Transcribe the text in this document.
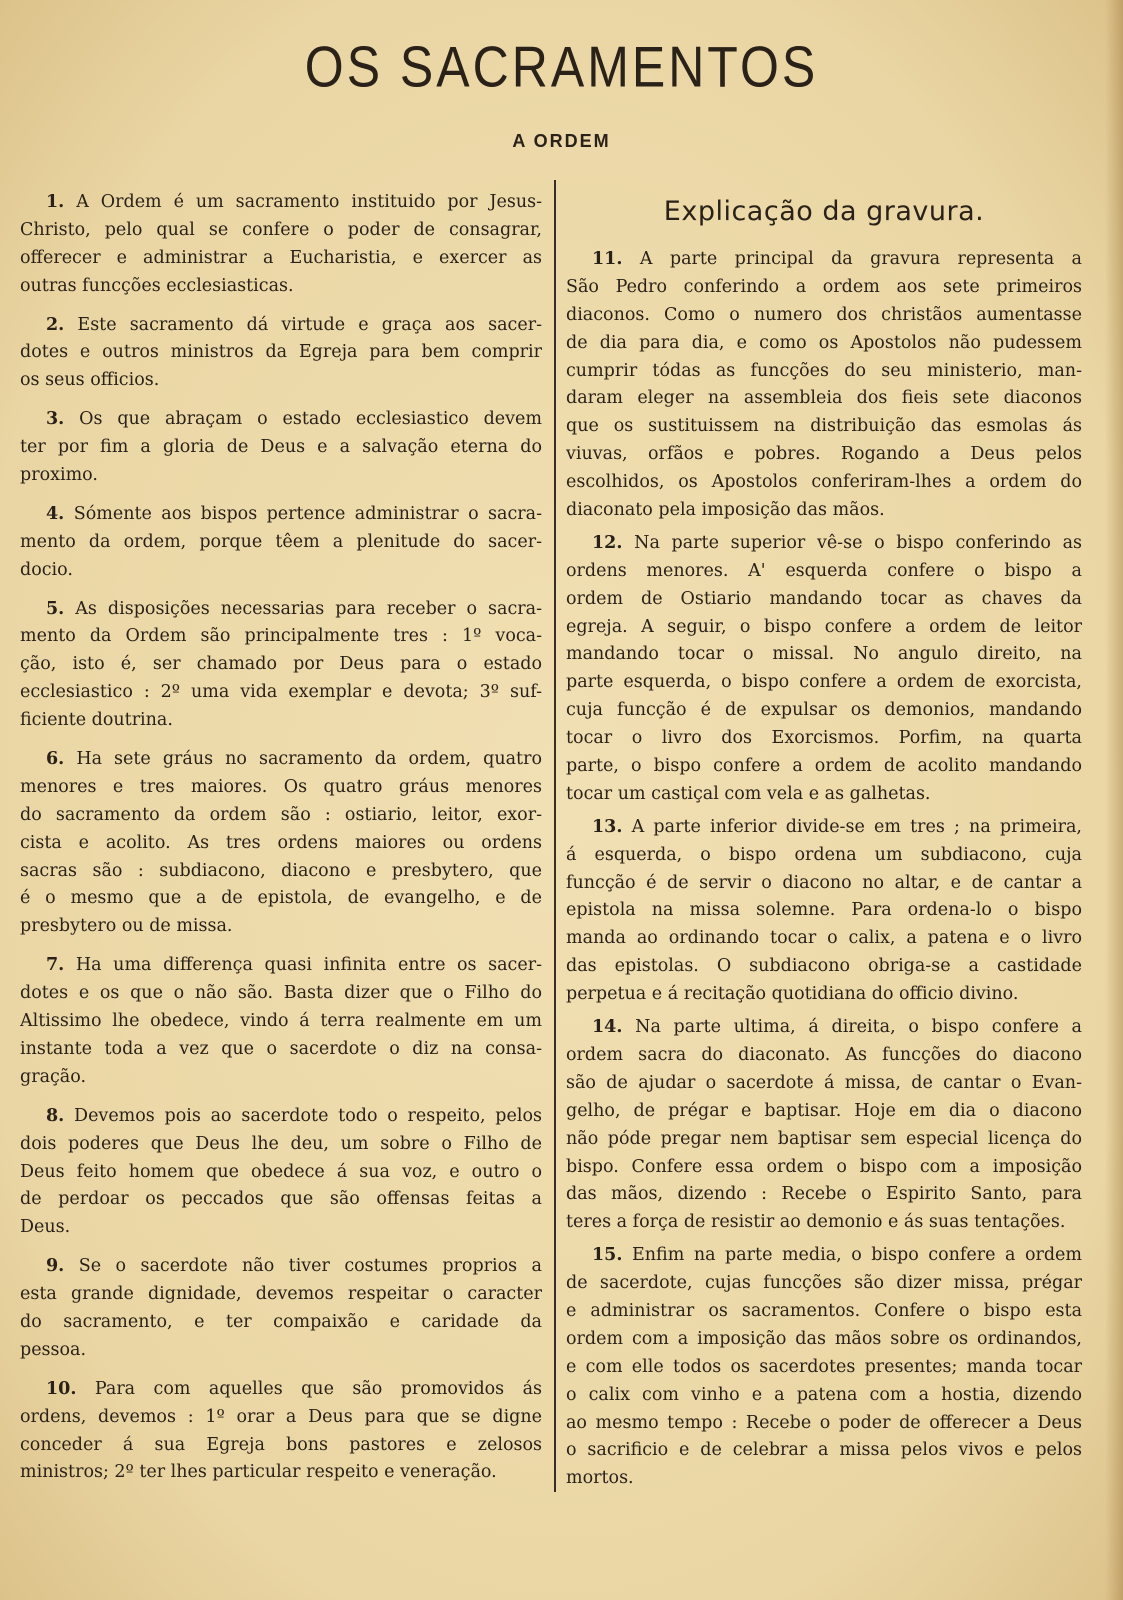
OS SACRAMENTOS
A ORDEM
1. A Ordem é um sacramento instituido por Jesus-
Christo, pelo qual se confere o poder de consagrar,
offerecer e administrar a Eucharistia, e exercer as
outras funcções ecclesiasticas.
2. Este sacramento dá virtude e graça aos sacer-
dotes e outros ministros da Egreja para bem comprir
os seus officios.
3. Os que abraçam o estado ecclesiastico devem
ter por fim a gloria de Deus e a salvação eterna do
proximo.
4. Sómente aos bispos pertence administrar o sacra-
mento da ordem, porque têem a plenitude do sacer-
docio.
5. As disposições necessarias para receber o sacra-
mento da Ordem são principalmente tres : 1º voca-
ção, isto é, ser chamado por Deus para o estado
ecclesiastico : 2º uma vida exemplar e devota; 3º suf-
ficiente doutrina.
6. Ha sete gráus no sacramento da ordem, quatro
menores e tres maiores. Os quatro gráus menores
do sacramento da ordem são : ostiario, leitor, exor-
cista e acolito. As tres ordens maiores ou ordens
sacras são : subdiacono, diacono e presbytero, que
é o mesmo que a de epistola, de evangelho, e de
presbytero ou de missa.
7. Ha uma differença quasi infinita entre os sacer-
dotes e os que o não são. Basta dizer que o Filho do
Altissimo lhe obedece, vindo á terra realmente em um
instante toda a vez que o sacerdote o diz na consa-
gração.
8. Devemos pois ao sacerdote todo o respeito, pelos
dois poderes que Deus lhe deu, um sobre o Filho de
Deus feito homem que obedece á sua voz, e outro o
de perdoar os peccados que são offensas feitas a
Deus.
9. Se o sacerdote não tiver costumes proprios a
esta grande dignidade, devemos respeitar o caracter
do sacramento, e ter compaixão e caridade da
pessoa.
10. Para com aquelles que são promovidos ás
ordens, devemos : 1º orar a Deus para que se digne
conceder á sua Egreja bons pastores e zelosos
ministros; 2º ter lhes particular respeito e veneração.
Explicação da gravura.
11. A parte principal da gravura representa a
São Pedro conferindo a ordem aos sete primeiros
diaconos. Como o numero dos christãos aumentasse
de dia para dia, e como os Apostolos não pudessem
cumprir tódas as funcções do seu ministerio, man-
daram eleger na assembleia dos fieis sete diaconos
que os sustituissem na distribuição das esmolas ás
viuvas, orfãos e pobres. Rogando a Deus pelos
escolhidos, os Apostolos conferiram-lhes a ordem do
diaconato pela imposição das mãos.
12. Na parte superior vê-se o bispo conferindo as
ordens menores. A' esquerda confere o bispo a
ordem de Ostiario mandando tocar as chaves da
egreja. A seguir, o bispo confere a ordem de leitor
mandando tocar o missal. No angulo direito, na
parte esquerda, o bispo confere a ordem de exorcista,
cuja funcção é de expulsar os demonios, mandando
tocar o livro dos Exorcismos. Porfim, na quarta
parte, o bispo confere a ordem de acolito mandando
tocar um castiçal com vela e as galhetas.
13. A parte inferior divide-se em tres ; na primeira,
á esquerda, o bispo ordena um subdiacono, cuja
funcção é de servir o diacono no altar, e de cantar a
epistola na missa solemne. Para ordena-lo o bispo
manda ao ordinando tocar o calix, a patena e o livro
das epistolas. O subdiacono obriga-se a castidade
perpetua e á recitação quotidiana do officio divino.
14. Na parte ultima, á direita, o bispo confere a
ordem sacra do diaconato. As funcções do diacono
são de ajudar o sacerdote á missa, de cantar o Evan-
gelho, de prégar e baptisar. Hoje em dia o diacono
não póde pregar nem baptisar sem especial licença do
bispo. Confere essa ordem o bispo com a imposição
das mãos, dizendo : Recebe o Espirito Santo, para
teres a força de resistir ao demonio e ás suas tentações.
15. Enfim na parte media, o bispo confere a ordem
de sacerdote, cujas funcções são dizer missa, prégar
e administrar os sacramentos. Confere o bispo esta
ordem com a imposição das mãos sobre os ordinandos,
e com elle todos os sacerdotes presentes; manda tocar
o calix com vinho e a patena com a hostia, dizendo
ao mesmo tempo : Recebe o poder de offerecer a Deus
o sacrificio e de celebrar a missa pelos vivos e pelos
mortos.
